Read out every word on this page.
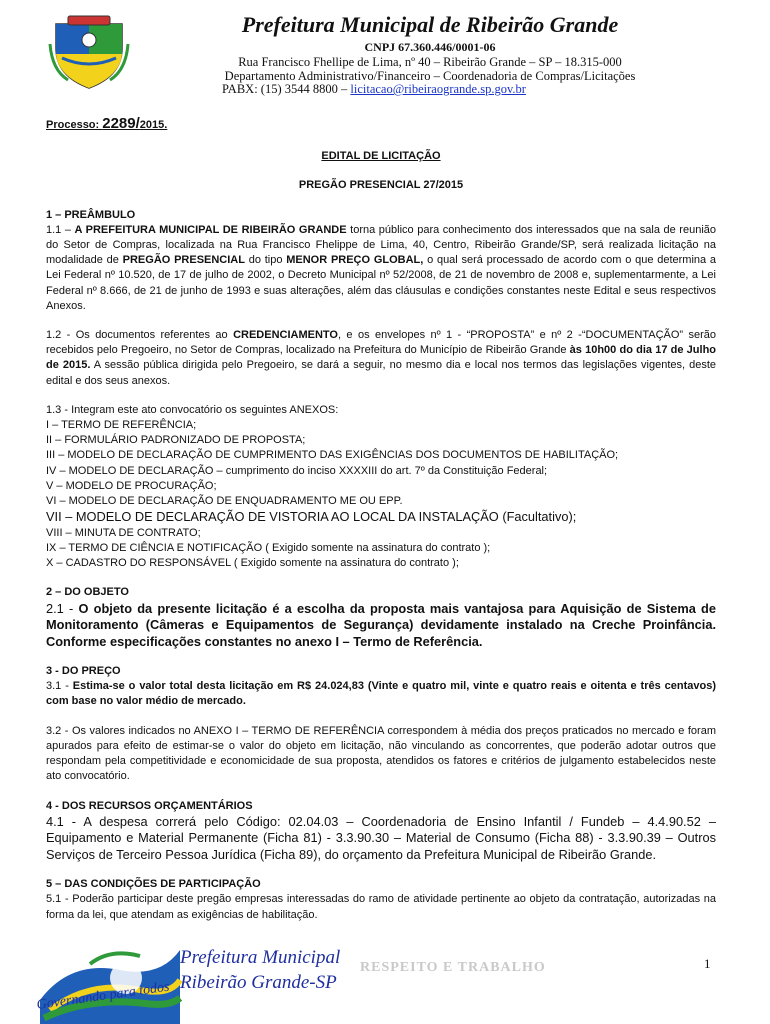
Prefeitura Municipal de Ribeirão Grande
CNPJ 67.360.446/0001-06
Rua Francisco Fhellipe de Lima, nº 40 – Ribeirão Grande – SP – 18.315-000
Departamento Administrativo/Financeiro – Coordenadoria de Compras/Licitações
PABX: (15) 3544 8800 – licitacao@ribeiraogrande.sp.gov.br

Processo: 2289/2015.

EDITAL DE LICITAÇÃO

PREGÃO PRESENCIAL 27/2015

1 – PREÂMBULO

1.1 – A PREFEITURA MUNICIPAL DE RIBEIRÃO GRANDE torna público para conhecimento dos interessados que na sala de reunião do Setor de Compras, localizada na Rua Francisco Fhelippe de Lima, 40, Centro, Ribeirão Grande/SP, será realizada licitação na modalidade de PREGÃO PRESENCIAL do tipo MENOR PREÇO GLOBAL, o qual será processado de acordo com o que determina a Lei Federal nº 10.520, de 17 de julho de 2002, o Decreto Municipal nº 52/2008, de 21 de novembro de 2008 e, suplementarmente, a Lei Federal nº 8.666, de 21 de junho de 1993 e suas alterações, além das cláusulas e condições constantes neste Edital e seus respectivos Anexos.

1.2 - Os documentos referentes ao CREDENCIAMENTO, e os envelopes nº 1 - “PROPOSTA” e nº 2 -“DOCUMENTAÇÃO” serão recebidos pelo Pregoeiro, no Setor de Compras, localizado na Prefeitura do Município de Ribeirão Grande às 10h00 do dia 17 de Julho de 2015. A sessão pública dirigida pelo Pregoeiro, se dará a seguir, no mesmo dia e local nos termos das legislações vigentes, deste edital e dos seus anexos.

1.3 - Integram este ato convocatório os seguintes ANEXOS:

I – TERMO DE REFERÊNCIA;

II – FORMULÁRIO PADRONIZADO DE PROPOSTA;

III – MODELO DE DECLARAÇÃO DE CUMPRIMENTO DAS EXIGÊNCIAS DOS DOCUMENTOS DE HABILITAÇÃO;

IV – MODELO DE DECLARAÇÃO – cumprimento do inciso XXXXIII do art. 7º da Constituição Federal;

V – MODELO DE PROCURAÇÃO;

VI – MODELO DE DECLARAÇÃO DE ENQUADRAMENTO ME OU EPP.

VII – MODELO DE DECLARAÇÃO DE VISTORIA AO LOCAL DA INSTALAÇÃO (Facultativo);

VIII – MINUTA DE CONTRATO;

IX – TERMO DE CIÊNCIA E NOTIFICAÇÃO ( Exigido somente na assinatura do contrato );

X – CADASTRO DO RESPONSÁVEL ( Exigido somente na assinatura do contrato );

2 – DO OBJETO

2.1 - O objeto da presente licitação é a escolha da proposta mais vantajosa para Aquisição de Sistema de Monitoramento (Câmeras e Equipamentos de Segurança) devidamente instalado na Creche Proinfância. Conforme especificações constantes no anexo I – Termo de Referência.

3 - DO PREÇO

3.1 - Estima-se o valor total desta licitação em R$ 24.024,83 (Vinte e quatro mil, vinte e quatro reais e oitenta e três centavos) com base no valor médio de mercado.

3.2 - Os valores indicados no ANEXO I – TERMO DE REFERÊNCIA correspondem à média dos preços praticados no mercado e foram apurados para efeito de estimar-se o valor do objeto em licitação, não vinculando as concorrentes, que poderão adotar outros que respondam pela competitividade e economicidade de sua proposta, atendidos os fatores e critérios de julgamento estabelecidos neste ato convocatório.

4 - DOS RECURSOS ORÇAMENTÁRIOS

4.1 - A despesa correrá pelo Código: 02.04.03 – Coordenadoria de Ensino Infantil / Fundeb – 4.4.90.52 – Equipamento e Material Permanente (Ficha 81) - 3.3.90.30 – Material de Consumo (Ficha 88) - 3.3.90.39 – Outros Serviços de Terceiro Pessoa Jurídica (Ficha 89), do orçamento da Prefeitura Municipal de Ribeirão Grande.

5 – DAS CONDIÇÕES DE PARTICIPAÇÃO

5.1 - Poderão participar deste pregão empresas interessadas do ramo de atividade pertinente ao objeto da contratação, autorizadas na forma da lei, que atendam as exigências de habilitação.

Prefeitura Municipal
Ribeirão Grande-SP
Governando para todos
RESPEITO E TRABALHO	1
